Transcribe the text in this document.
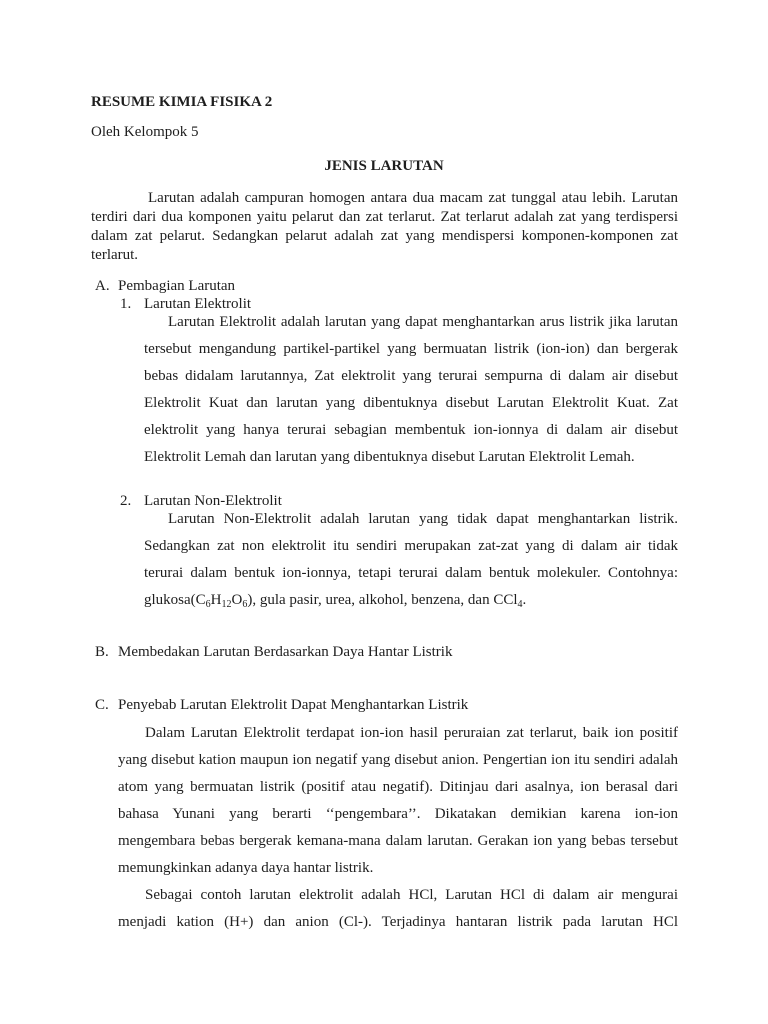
RESUME KIMIA FISIKA 2
Oleh Kelompok 5
JENIS LARUTAN
Larutan adalah campuran homogen antara dua macam zat tunggal atau lebih. Larutan
terdiri dari dua komponen yaitu pelarut dan zat terlarut. Zat terlarut adalah zat yang terdispersi
dalam zat pelarut. Sedangkan pelarut adalah zat yang mendispersi komponen-komponen zat
terlarut.
A. Pembagian Larutan
1. Larutan Elektrolit
Larutan Elektrolit adalah larutan yang dapat menghantarkan arus listrik jika larutan
tersebut mengandung partikel-partikel yang bermuatan listrik (ion-ion) dan bergerak
bebas didalam larutannya, Zat elektrolit yang terurai sempurna di dalam air disebut
Elektrolit Kuat dan larutan yang dibentuknya disebut Larutan Elektrolit Kuat. Zat
elektrolit yang hanya terurai sebagian membentuk ion-ionnya di dalam air disebut
Elektrolit Lemah dan larutan yang dibentuknya disebut Larutan Elektrolit Lemah.
2. Larutan Non-Elektrolit
Larutan Non-Elektrolit adalah larutan yang tidak dapat menghantarkan listrik.
Sedangkan zat non elektrolit itu sendiri merupakan zat-zat yang di dalam air tidak
terurai dalam bentuk ion-ionnya, tetapi terurai dalam bentuk molekuler. Contohnya:
$glukosa(C_6H_{12}O_6)$, gula pasir, urea, alkohol, benzena, dan CCl$_4$.
B. Membedakan Larutan Berdasarkan Daya Hantar Listrik
C. Penyebab Larutan Elektrolit Dapat Menghantarkan Listrik
Dalam Larutan Elektrolit terdapat ion-ion hasil peruraian zat terlarut, baik ion positif
yang disebut kation maupun ion negatif yang disebut anion. Pengertian ion itu sendiri adalah
atom yang bermuatan listrik (positif atau negatif). Ditinjau dari asalnya, ion berasal dari
bahasa Yunani yang berarti ‘‘pengembara’’. Dikatakan demikian karena ion-ion
mengembara bebas bergerak kemana-mana dalam larutan. Gerakan ion yang bebas tersebut
memungkinkan adanya daya hantar listrik.
Sebagai contoh larutan elektrolit adalah HCl, Larutan HCl di dalam air mengurai
menjadi kation (H+) dan anion (Cl-). Terjadinya hantaran listrik pada larutan HCl
